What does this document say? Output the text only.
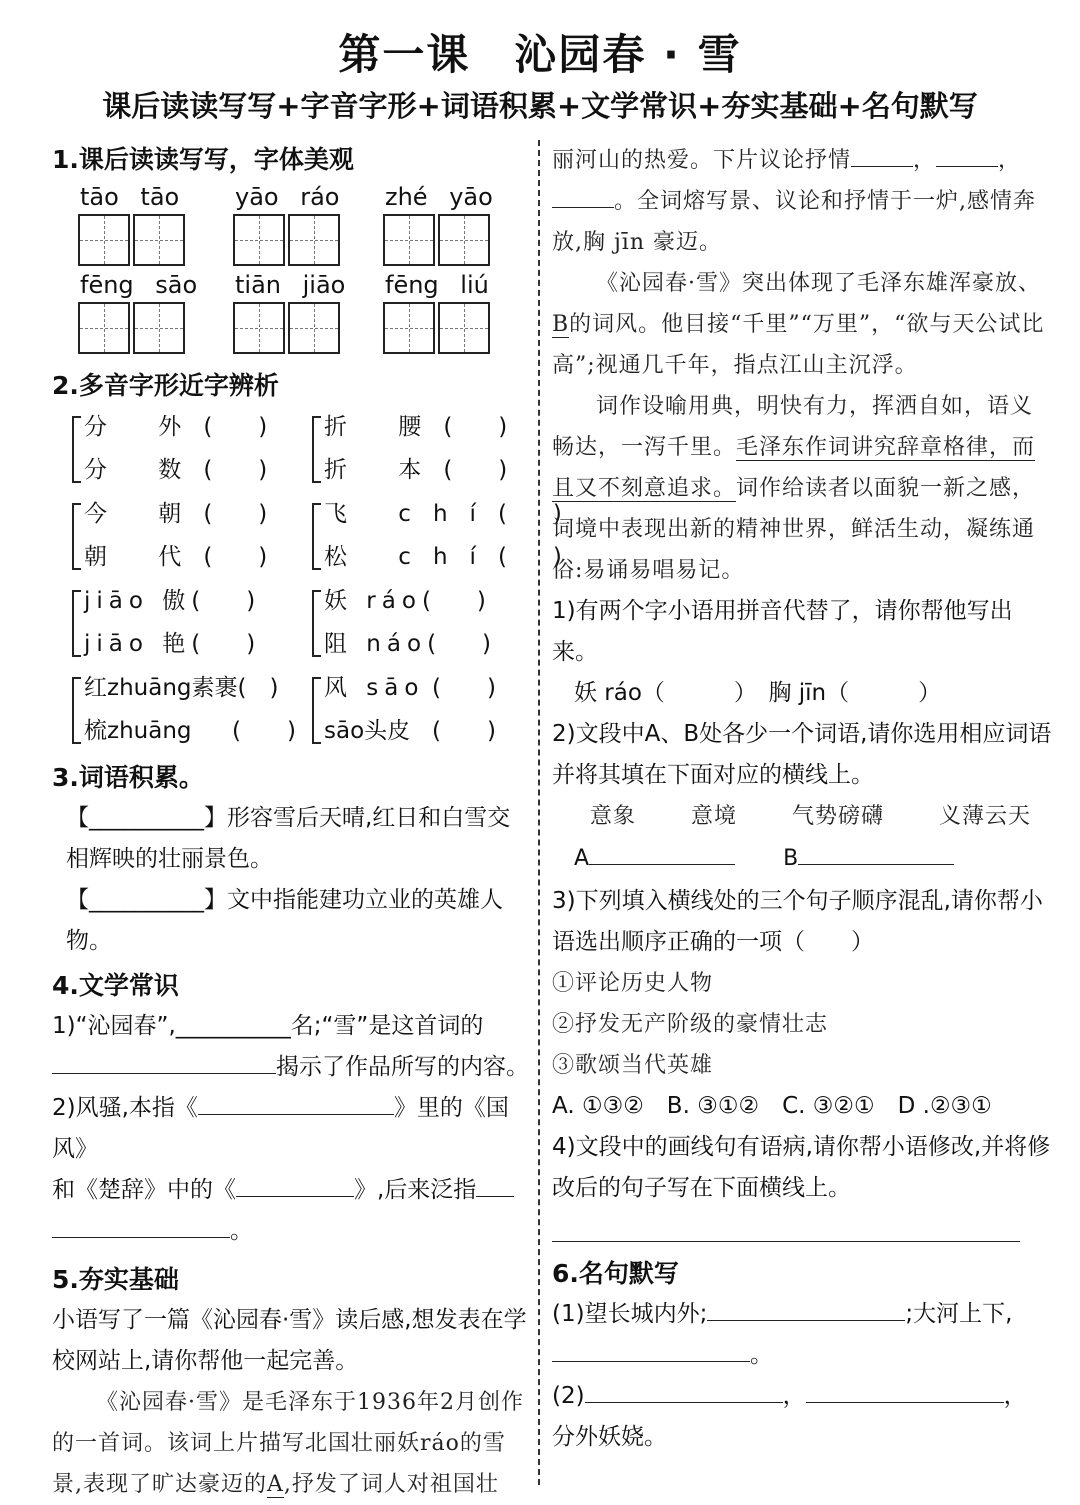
第一课　沁园春 · 雪
课后读读写写+字音字形+词语积累+文学常识+夯实基础+名句默写
1.课后读读写写，字体美观
tāo tāo	yāo ráo	zhé yāo
fēng sāo	tiān jiāo	fēng liú
2.多音字形近字辨析
分 外(　　)
分 数(　　)
折 腰(　　)
折 本(　　)
今 朝(　　)
朝 代(　　)
飞 chí(　　)
松 chí(　　)
jiāo 傲(　　)
jiāo 艳(　　)
妖 ráo(　　)
阻 náo(　　)
红zhuāng素裹(　)
梳zhuāng (　　)
风 sāo (　　)
sāo头皮 (　　)
3.词语积累。
【__________】形容雪后天晴,红日和白雪交相辉映的壮丽景色。
【__________】文中指能建功立业的英雄人物。
4.文学常识
1)“沁园春”,__________名;“雪”是这首词的
揭示了作品所写的内容。
2)风骚,本指《	》里的《国风》
和《楚辞》中的《	》,后来泛指
。
5.夯实基础
小语写了一篇《沁园春·雪》读后感,想发表在学校网站上,请你帮他一起完善。
《沁园春·雪》是毛泽东于1936年2月创作的一首词。该词上片描写北国壮丽妖ráo的雪景,表现了旷达豪迈的A,抒发了词人对祖国壮
丽河山的热爱。下片议论抒情	，	，
。全词熔写景、议论和抒情于一炉,感情奔放,胸 jīn 豪迈。
《沁园春·雪》突出体现了毛泽东雄浑豪放、B的词风。他目接“千里”“万里”，“欲与天公试比高”;视通几千年，指点江山主沉浮。
词作设喻用典，明快有力，挥洒自如，语义畅达，一泻千里。毛泽东作词讲究辞章格律，而且又不刻意追求。词作给读者以面貌一新之感，词境中表现出新的精神世界，鲜活生动，凝练通俗:易诵易唱易记。
1)有两个字小语用拼音代替了，请你帮他写出来。
妖 ráo（　　　）　 胸 jīn（　　　）
2)文段中A、B处各少一个词语,请你选用相应词语并将其填在下面对应的横线上。
意象	意境	气势磅礴	义薄云天
A	B
3)下列填入横线处的三个句子顺序混乱,请你帮小语选出顺序正确的一项（　　）
①评论历史人物
②抒发无产阶级的豪情壮志
③歌颂当代英雄
A. ①③②　B. ③①②　C. ③②①　D .②③①
4)文段中的画线句有语病,请你帮小语修改,并将修改后的句子写在下面横线上。
6.名句默写
(1)望长城内外;	;大河上下,
。
(2)	，	，
分外妖娆。
